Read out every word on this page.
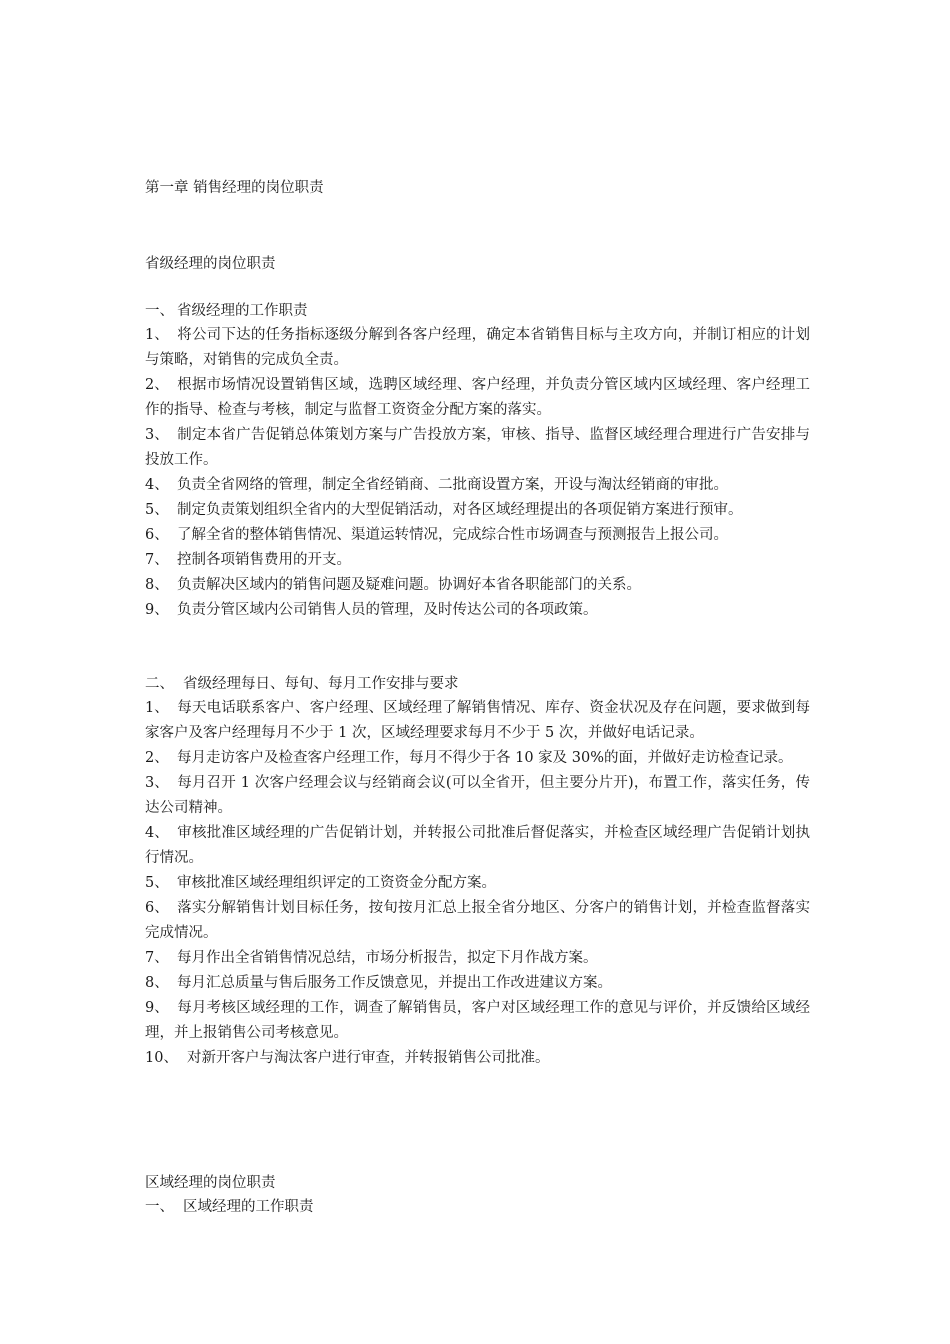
第一章 销售经理的岗位职责
省级经理的岗位职责
一、 省级经理的工作职责
1、 将公司下达的任务指标逐级分解到各客户经理，确定本省销售目标与主攻方向，并制订相应的计划与策略，对销售的完成负全责。
2、 根据市场情况设置销售区域，选聘区域经理、客户经理，并负责分管区域内区域经理、客户经理工作的指导、检查与考核，制定与监督工资资金分配方案的落实。
3、 制定本省广告促销总体策划方案与广告投放方案，审核、指导、监督区域经理合理进行广告安排与投放工作。
4、 负责全省网络的管理，制定全省经销商、二批商设置方案，开设与淘汰经销商的审批。
5、 制定负责策划组织全省内的大型促销活动，对各区域经理提出的各项促销方案进行预审。
6、 了解全省的整体销售情况、渠道运转情况，完成综合性市场调查与预测报告上报公司。
7、 控制各项销售费用的开支。
8、 负责解决区域内的销售问题及疑难问题。协调好本省各职能部门的关系。
9、 负责分管区域内公司销售人员的管理，及时传达公司的各项政策。
二、 省级经理每日、每旬、每月工作安排与要求
1、 每天电话联系客户、客户经理、区域经理了解销售情况、库存、资金状况及存在问题，要求做到每家客户及客户经理每月不少于 1 次，区域经理要求每月不少于 5 次，并做好电话记录。
2、 每月走访客户及检查客户经理工作，每月不得少于各 10 家及 30%的面，并做好走访检查记录。
3、 每月召开 1 次客户经理会议与经销商会议(可以全省开，但主要分片开)，布置工作，落实任务，传达公司精神。
4、 审核批准区域经理的广告促销计划，并转报公司批准后督促落实，并检查区域经理广告促销计划执行情况。
5、 审核批准区域经理组织评定的工资资金分配方案。
6、 落实分解销售计划目标任务，按旬按月汇总上报全省分地区、分客户的销售计划，并检查监督落实完成情况。
7、 每月作出全省销售情况总结，市场分析报告，拟定下月作战方案。
8、 每月汇总质量与售后服务工作反馈意见，并提出工作改进建议方案。
9、 每月考核区域经理的工作，调查了解销售员，客户对区域经理工作的意见与评价，并反馈给区域经理，并上报销售公司考核意见。
10、 对新开客户与淘汰客户进行审查，并转报销售公司批准。
区域经理的岗位职责
一、 区域经理的工作职责
